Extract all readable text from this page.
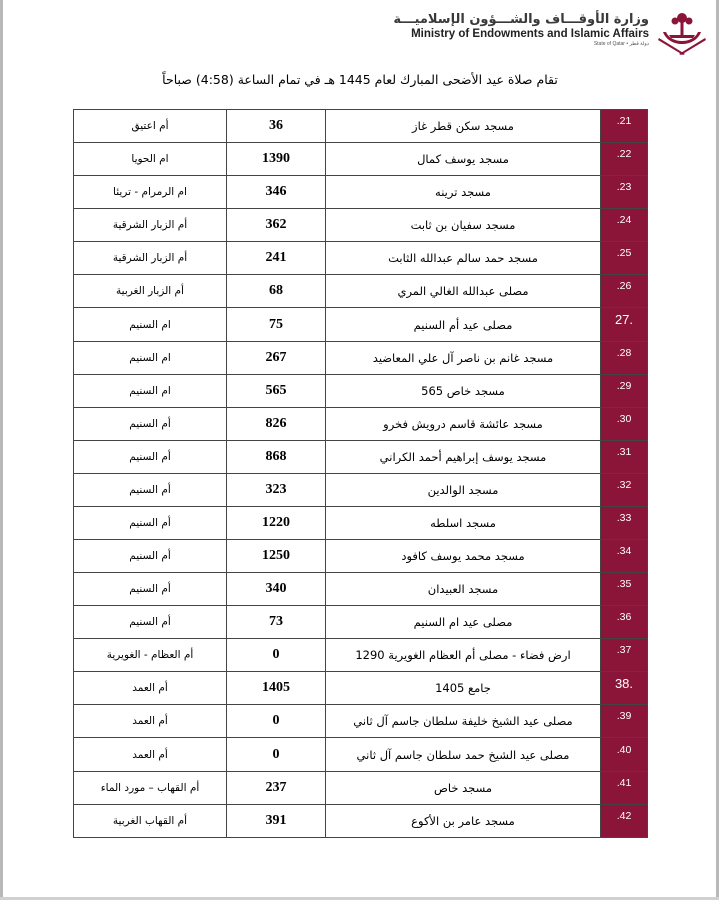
وزارة الأوقـــاف والشـــؤون الإسلاميـــة
Ministry of Endowments and Islamic Affairs
State of Qatar • دولة قطر
تقام صلاة عيد الأضحى المبارك لعام 1445 هـ في تمام الساعة (4:58) صباحاً
أم اعتيق	36	مسجد سكن قطر غاز	.21
ام الحويا	1390	مسجد يوسف كمال	.22
ام الرمرام - تريئا	346	مسجد ترينه	.23
أم الزبار الشرقية	362	مسجد سفيان بن ثابت	.24
أم الزبار الشرقية	241	مسجد حمد سالم عبدالله الثابت	.25
أم الزبار الغربية	68	مصلى عبدالله الغالي المري	.26
ام السنيم	75	مصلى عيد أم السنيم	27.
ام السنيم	267	مسجد غانم بن ناصر آل علي المعاضيد	.28
ام السنيم	565	مسجد خاص 565	.29
أم السنيم	826	مسجد عائشة قاسم درويش فخرو	.30
أم السنيم	868	مسجد يوسف إبراهيم أحمد الكراني	.31
أم السنيم	323	مسجد الوالدين	.32
أم السنيم	1220	مسجد اسلطه	.33
أم السنيم	1250	مسجد محمد يوسف كافود	.34
أم السنيم	340	مسجد العبيدان	.35
أم السنيم	73	مصلى عيد ام السنيم	.36
أم العظام - الغويرية	0	ارض فضاء - مصلى أم العظام الغويرية 1290	.37
أم العمد	1405	جامع 1405	38.
أم العمد	0	مصلى عيد الشيخ خليفة سلطان جاسم آل ثاني	.39
أم العمد	0	مصلى عيد الشيخ حمد سلطان جاسم آل ثاني	.40
أم القهاب – مورد الماء	237	مسجد خاص	.41
أم القهاب الغربية	391	مسجد عامر بن الأكوع	.42
